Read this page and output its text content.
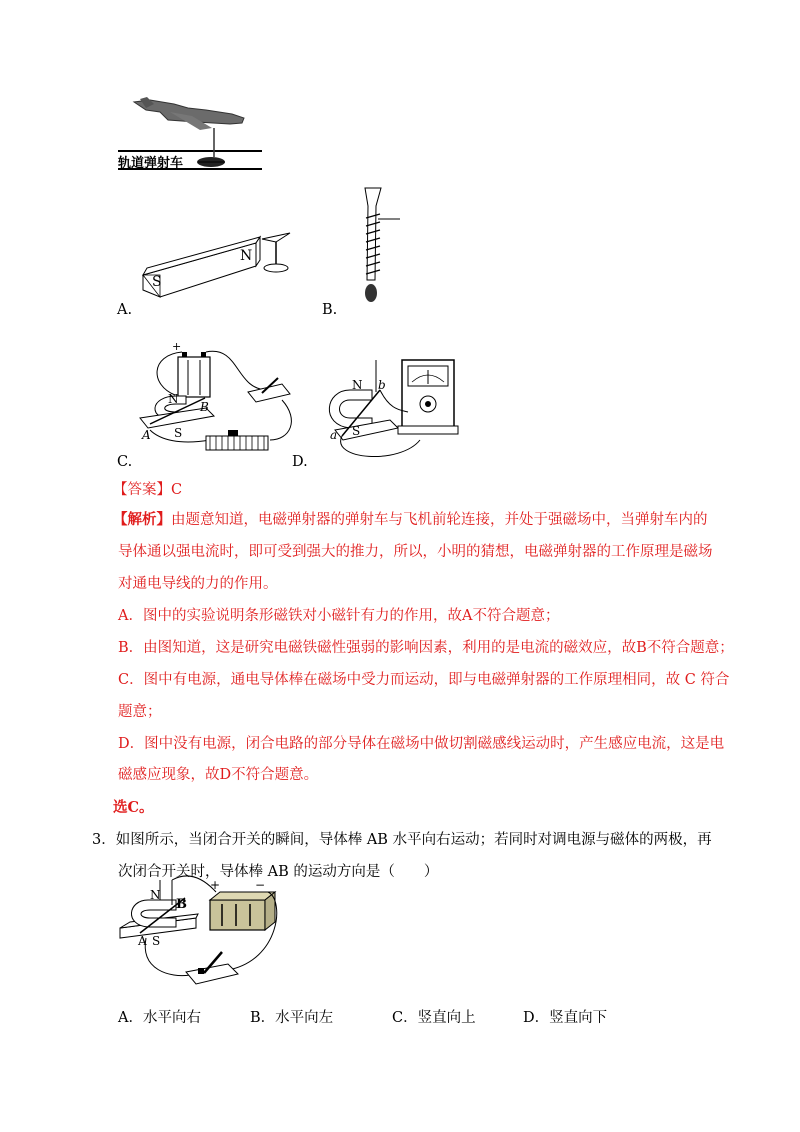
轨道弹射车
N
S
A.	B.
+
N
B
A S
C.
N b
a S
D.
【答案】C
【解析】由题意知道，电磁弹射器的弹射车与飞机前轮连接，并处于强磁场中，当弹射车内的
导体通以强电流时，即可受到强大的推力，所以，小明的猜想，电磁弹射器的工作原理是磁场
对通电导线的力的作用。
A．图中的实验说明条形磁铁对小磁针有力的作用，故A不符合题意；
B．由图知道，这是研究电磁铁磁性强弱的影响因素，利用的是电流的磁效应，故B不符合题意；
C．图中有电源，通电导体棒在磁场中受力而运动，即与电磁弹射器的工作原理相同，故 C 符合
题意；
D．图中没有电源，闭合电路的部分导体在磁场中做切割磁感线运动时，产生感应电流，这是电
磁感应现象，故D不符合题意。
选C。
3．如图所示，当闭合开关的瞬间，导体棒 AB 水平向右运动；若同时对调电源与磁体的两极，再
次闭合开关时，导体棒 AB 的运动方向是（　　）
N
B
A S
+	−
A．水平向右	B．水平向左	C．竖直向上	D．竖直向下
